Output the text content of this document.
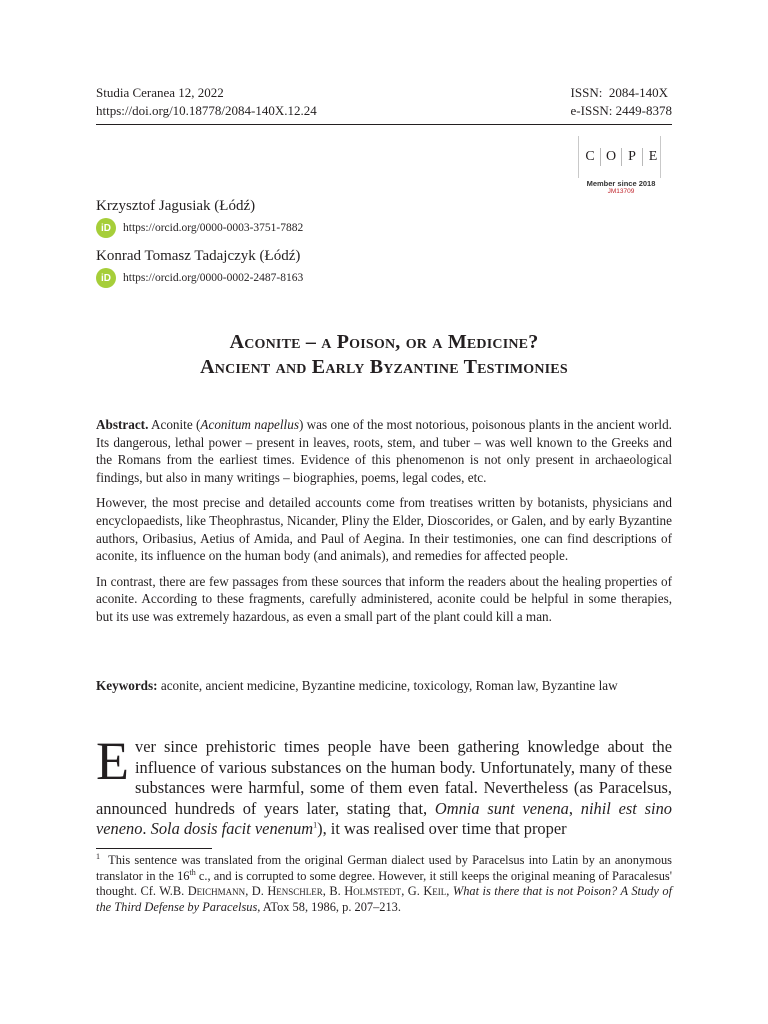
Studia Ceranea 12, 2022
https://doi.org/10.18778/2084-140X.12.24
ISSN:  2084-140X
e-ISSN: 2449-8378
C O P E
Member since 2018
JM13709
Krzysztof Jagusiak (Łódź)
iD	https://orcid.org/0000-0003-3751-7882
Konrad Tomasz Tadajczyk (Łódź)
iD	https://orcid.org/0000-0002-2487-8163
Aconite – a Poison, or a Medicine?
Ancient and Early Byzantine Testimonies

Abstract. Aconite (Aconitum napellus) was one of the most notorious, poisonous plants in the ancient world. Its dangerous, lethal power – present in leaves, roots, stem, and tuber – was well known to the Greeks and the Romans from the earliest times. Evidence of this phenomenon is not only present in archaeological findings, but also in many writings – biographies, poems, legal codes, etc.

However, the most precise and detailed accounts come from treatises written by botanists, physicians and encyclopaedists, like Theophrastus, Nicander, Pliny the Elder, Dioscorides, or Galen, and by early Byzantine authors, Oribasius, Aetius of Amida, and Paul of Aegina. In their testimonies, one can find descriptions of aconite, its influence on the human body (and animals), and remedies for affected people.

In contrast, there are few passages from these sources that inform the readers about the healing properties of aconite. According to these fragments, carefully administered, aconite could be helpful in some therapies, but its use was extremely hazardous, as even a small part of the plant could kill a man.

Keywords: aconite, ancient medicine, Byzantine medicine, toxicology, Roman law, Byzantine law
Ever since prehistoric times people have been gathering knowledge about the influence of various substances on the human body. Unfortunately, many of these substances were harmful, some of them even fatal. Nevertheless (as Paracelsus, announced hundreds of years later, stating that, Omnia sunt venena, nihil est sino veneno. Sola dosis facit venenum$^1$), it was realised over time that proper
$^1$ This sentence was translated from the original German dialect used by Paracelsus into Latin by an anonymous translator in the 16th c., and is corrupted to some degree. However, it still keeps the original meaning of Paracalesus' thought. Cf. W.B. Deichmann, D. Henschler, B. Holmstedt, G. Keil, What is there that is not Poison? A Study of the Third Defense by Paracelsus, ATox 58, 1986, p. 207–213.
